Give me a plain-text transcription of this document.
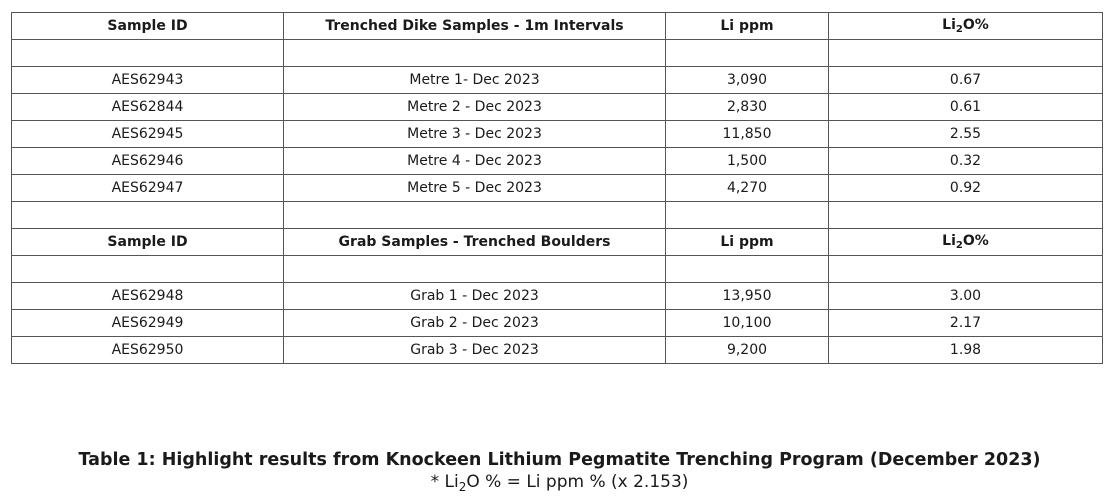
Sample ID	Trenched Dike Samples - 1m Intervals	Li ppm	$Li_2O\%$

AES62943	Metre 1- Dec 2023	3,090	0.67
AES62844	Metre 2 - Dec 2023	2,830	0.61
AES62945	Metre 3 - Dec 2023	11,850	2.55
AES62946	Metre 4 - Dec 2023	1,500	0.32
AES62947	Metre 5 - Dec 2023	4,270	0.92

Sample ID	Grab Samples - Trenched Boulders	Li ppm	$Li_2O\%$

AES62948	Grab 1 - Dec 2023	13,950	3.00
AES62949	Grab 2 - Dec 2023	10,100	2.17
AES62950	Grab 3 - Dec 2023	9,200	1.98
Table 1: Highlight results from Knockeen Lithium Pegmatite Trenching Program (December 2023)
* $Li_2O$ % = Li ppm % (x 2.153)
